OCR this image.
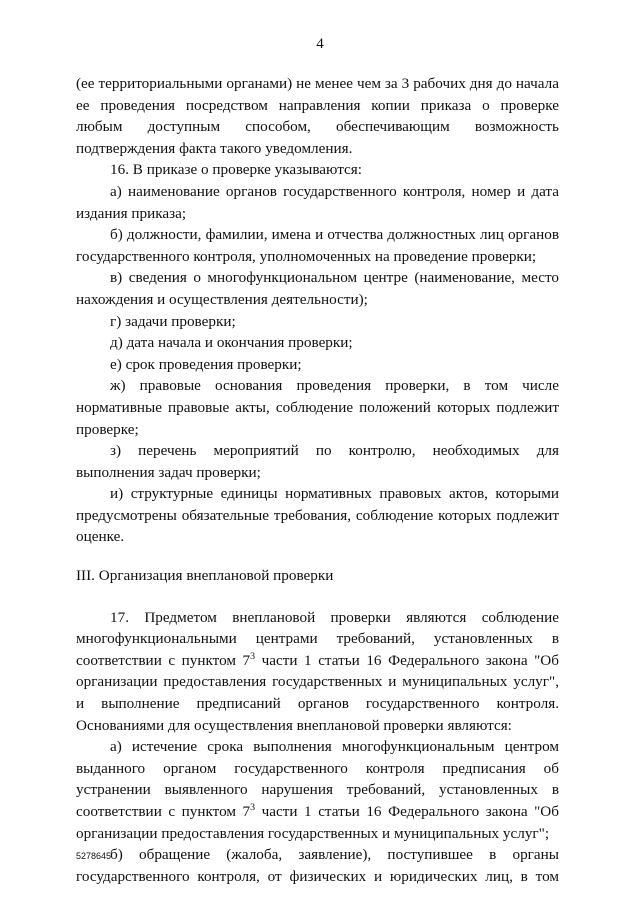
4

(ее территориальными органами) не менее чем за 3 рабочих дня до начала ее проведения посредством направления копии приказа о проверке любым доступным способом, обеспечивающим возможность подтверждения факта такого уведомления.

16. В приказе о проверке указываются:

а) наименование органов государственного контроля, номер и дата издания приказа;

б) должности, фамилии, имена и отчества должностных лиц органов государственного контроля, уполномоченных на проведение проверки;

в) сведения о многофункциональном центре (наименование, место нахождения и осуществления деятельности);

г) задачи проверки;

д) дата начала и окончания проверки;

е) срок проведения проверки;

ж) правовые основания проведения проверки, в том числе нормативные правовые акты, соблюдение положений которых подлежит проверке;

з) перечень мероприятий по контролю, необходимых для выполнения задач проверки;

и) структурные единицы нормативных правовых актов, которыми предусмотрены обязательные требования, соблюдение которых подлежит оценке.

III. Организация внеплановой проверки

17. Предметом внеплановой проверки являются соблюдение многофункциональными центрами требований, установленных в соответствии с пунктом $7^3$ части 1 статьи 16 Федерального закона "Об организации предоставления государственных и муниципальных услуг", и выполнение предписаний органов государственного контроля. Основаниями для осуществления внеплановой проверки являются:

а) истечение срока выполнения многофункциональным центром выданного органом государственного контроля предписания об устранении выявленного нарушения требований, установленных в соответствии с пунктом $7^3$ части 1 статьи 16 Федерального закона "Об организации предоставления государственных и муниципальных услуг";

б) обращение (жалоба, заявление), поступившее в органы государственного контроля, от физических и юридических лиц, в том

5278645
